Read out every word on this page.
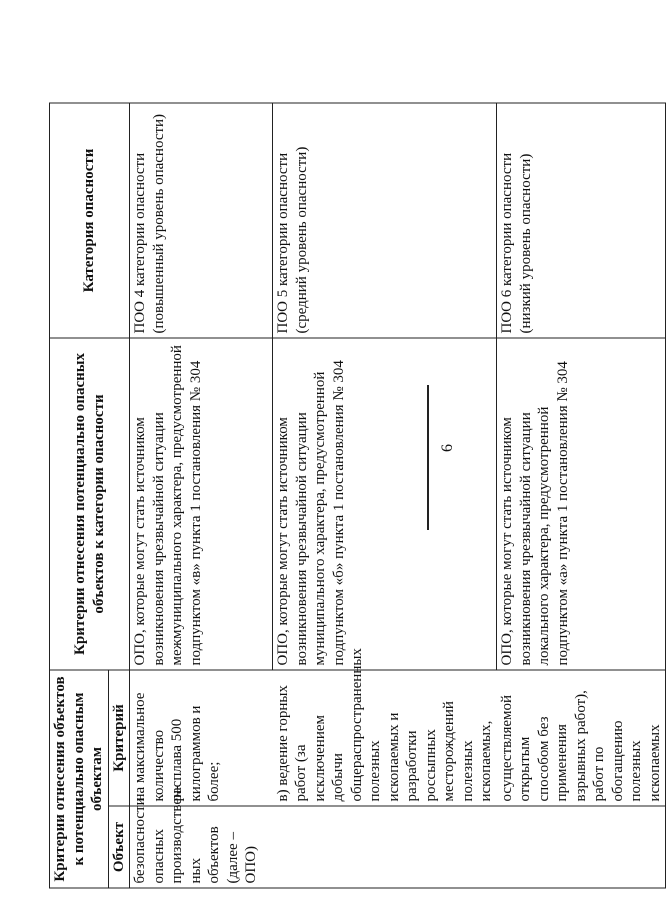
6
Критерии отнесения объектов к потенциально опасным объектам		Критерии отнесения потенциально опасных объектов к категории опасности	Категория опасности
Объект	Критерий		
безопасности опасных производствен-ных объектов (далее – ОПО)	на максимальное количество расплава 500 килограммов и более;	ОПО, которые могут стать источником возникновения чрезвычайной ситуации межмуниципального характера, предусмотренной подпунктом «в» пункта 1 постановления № 304	ПОО 4 категории опасности (повышенный уровень опасности)
	в) ведение горных работ (за исключением добычи общераспространенных полезных ископаемых и разработки россыпных месторождений полезных ископаемых,	ОПО, которые могут стать источником возникновения чрезвычайной ситуации муниципального характера, предусмотренной подпунктом «б» пункта 1 постановления № 304	ПОО 5 категории опасности (средний уровень опасности)
	осуществляемой открытым способом без применения взрывных работ), работ по обогащению полезных ископаемых	ОПО, которые могут стать источником возникновения чрезвычайной ситуации локального характера, предусмотренной подпунктом «а» пункта 1 постановления № 304	ПОО 6 категории опасности (низкий уровень опасности)
